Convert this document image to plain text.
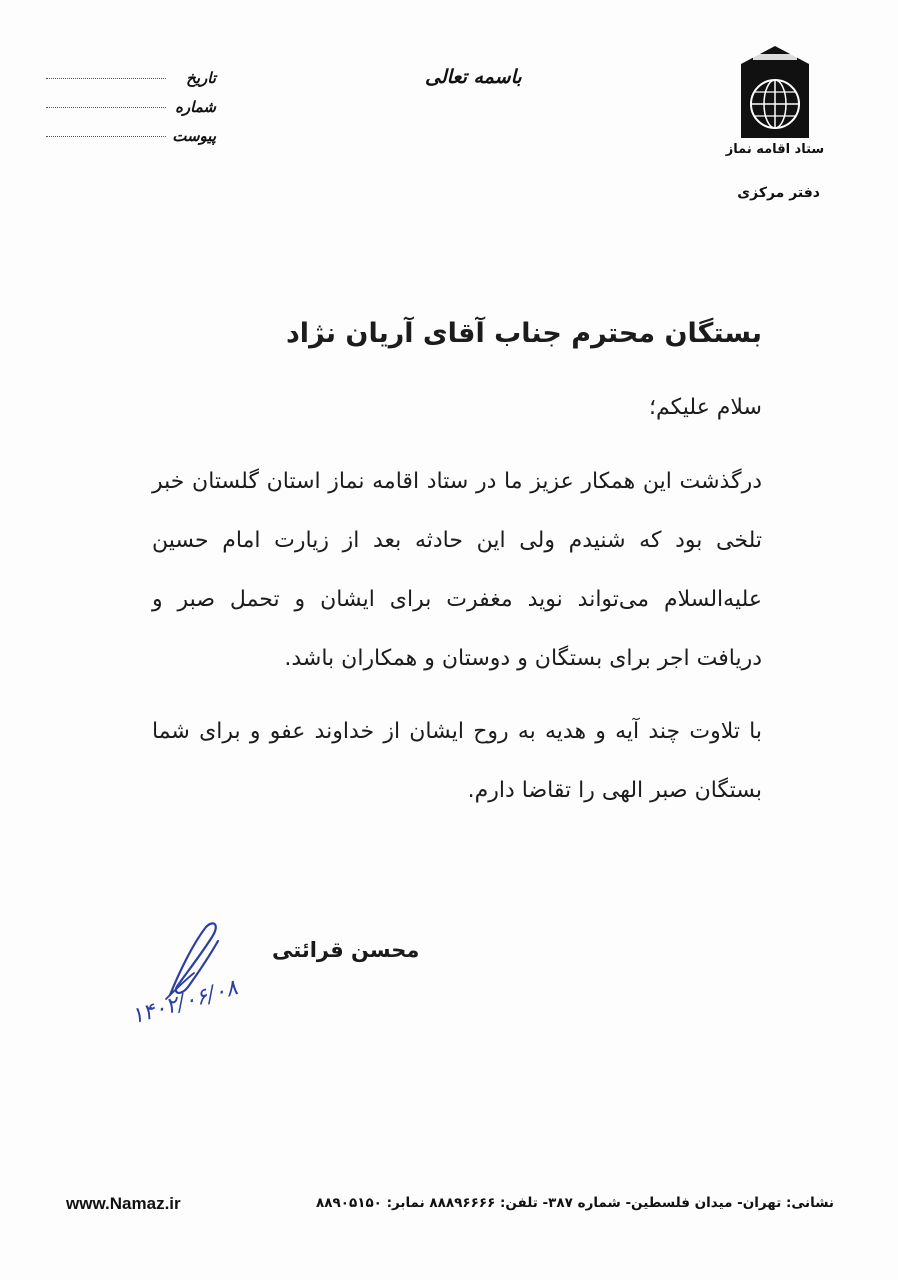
ستاد اقامه نماز
دفتر مرکزی
باسمه تعالی
تاریخ
شماره
پیوست

بستگان محترم جناب آقای آریان نژاد

سلام علیکم؛

درگذشت این همکار عزیز ما در ستاد اقامه نماز استان گلستان خبر تلخی بود که شنیدم ولی این حادثه بعد از زیارت امام حسین علیه‌السلام می‌تواند نوید مغفرت برای ایشان و تحمل صبر و دریافت اجر برای بستگان و دوستان و همکاران باشد.

با تلاوت چند آیه و هدیه به روح ایشان از خداوند عفو و برای شما بستگان صبر الهی را تقاضا دارم.

محسن قرائتی
۱۴۰۲/۰۶/۰۸
www.Namaz.ir	نشانی: تهران- میدان فلسطین- شماره ۳۸۷- تلفن: ۸۸۸۹۶۶۶۶ نمابر: ۸۸۹۰۵۱۵۰
